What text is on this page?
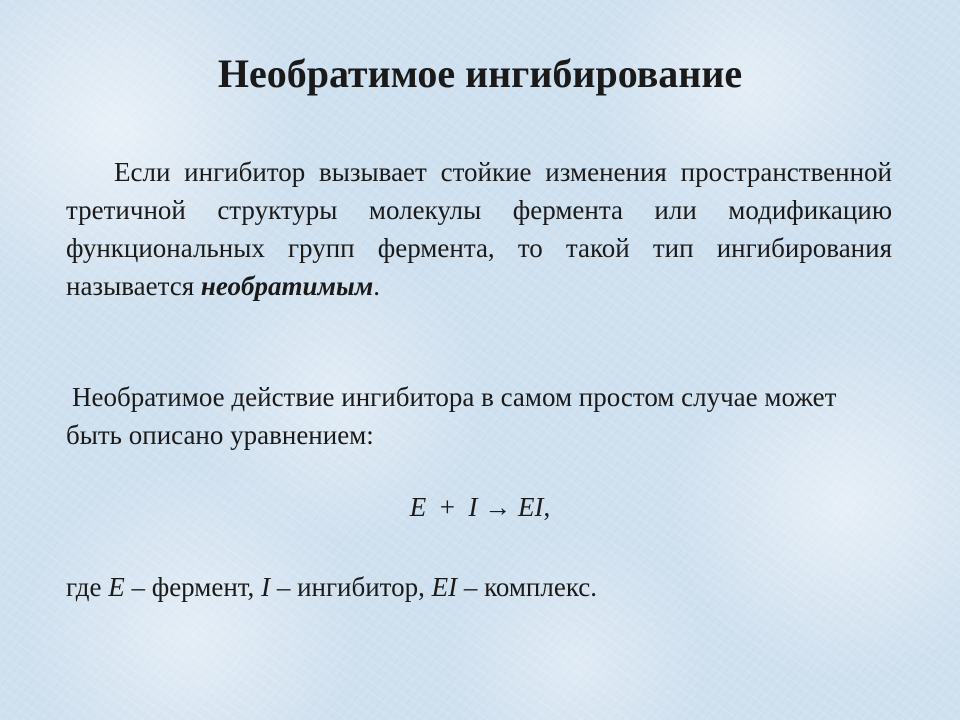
Необратимое ингибирование

Если ингибитор вызывает стойкие изменения пространственной третичной структуры молекулы фермента или модификацию функциональных групп фермента, то такой тип ингибирования называется необратимым.

Необратимое действие ингибитора в самом простом случае может быть описано уравнением:

E + I → EI,

где E – фермент, I – ингибитор, EI – комплекс.
